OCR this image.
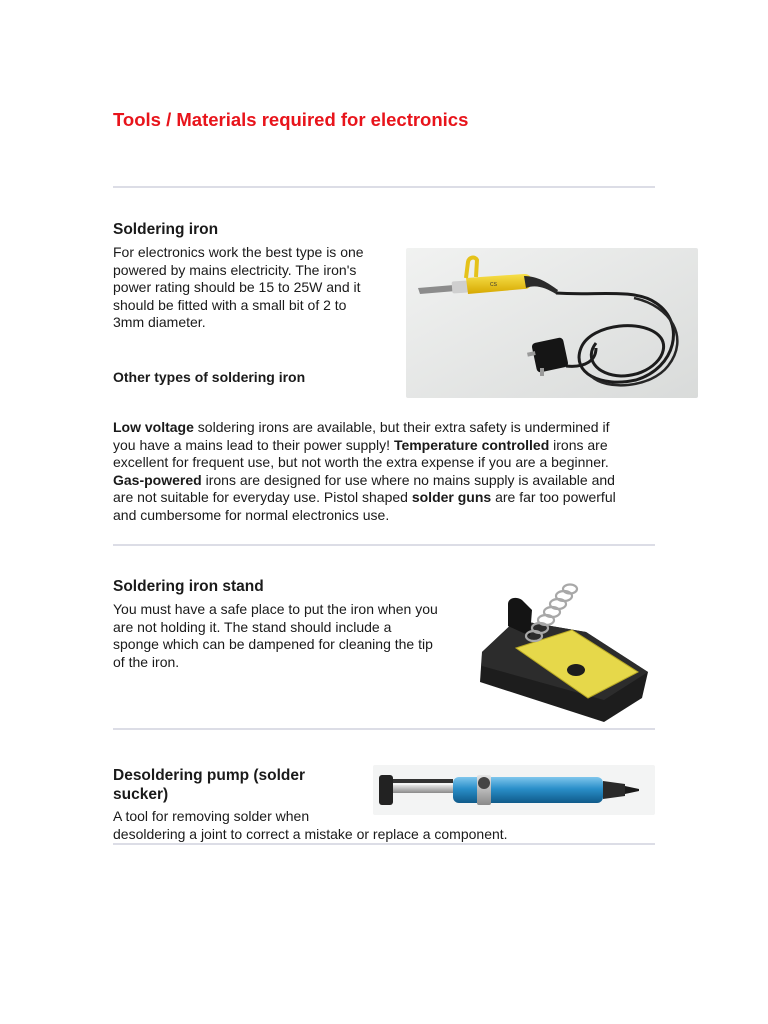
Tools / Materials required for electronics
Soldering iron
For electronics work the best type is one
powered by mains electricity. The iron's
power rating should be 15 to 25W and it
should be fitted with a small bit of 2 to
3mm diameter.
CS
Other types of soldering iron
Low voltage soldering irons are available, but their extra safety is undermined if
you have a mains lead to their power supply! Temperature controlled irons are
excellent for frequent use, but not worth the extra expense if you are a beginner.
Gas-powered irons are designed for use where no mains supply is available and
are not suitable for everyday use. Pistol shaped solder guns are far too powerful
and cumbersome for normal electronics use.
Soldering iron stand
You must have a safe place to put the iron when you
are not holding it. The stand should include a
sponge which can be dampened for cleaning the tip
of the iron.
Desoldering pump (solder
sucker)
A tool for removing solder when
desoldering a joint to correct a mistake or replace a component.
